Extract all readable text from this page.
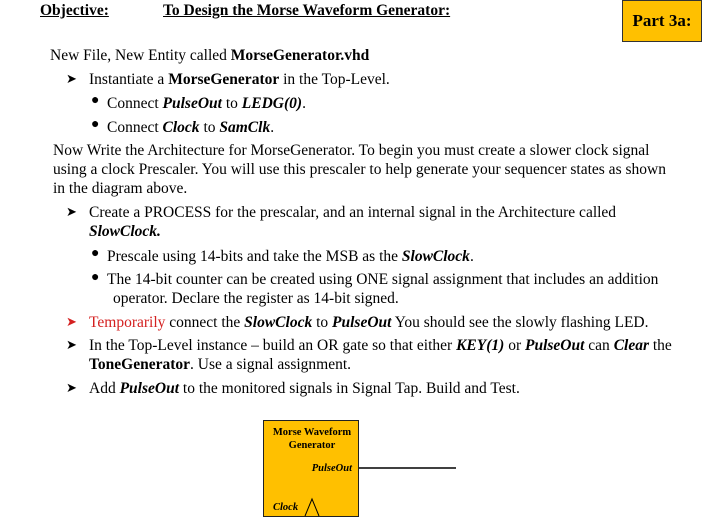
Objective:	To Design the Morse Waveform Generator:
Part 3a:
New File, New Entity called MorseGenerator.vhd
➤ Instantiate a MorseGenerator in the Top-Level.
● Connect PulseOut to LEDG(0).
● Connect Clock to SamClk.
Now Write the Architecture for MorseGenerator. To begin you must create a slower clock signal
using a clock Prescaler. You will use this prescaler to help generate your sequencer states as shown
in the diagram above.
➤ Create a PROCESS for the prescalar, and an internal signal in the Architecture called
SlowClock.
● Prescale using 14-bits and take the MSB as the SlowClock.
● The 14-bit counter can be created using ONE signal assignment that includes an addition
operator. Declare the register as 14-bit signed.
➤ Temporarily connect the SlowClock to PulseOut You should see the slowly flashing LED.
➤ In the Top-Level instance – build an OR gate so that either KEY(1) or PulseOut can Clear the
ToneGenerator. Use a signal assignment.
➤ Add PulseOut to the monitored signals in Signal Tap. Build and Test.
Morse Waveform
Generator
PulseOut
Clock
